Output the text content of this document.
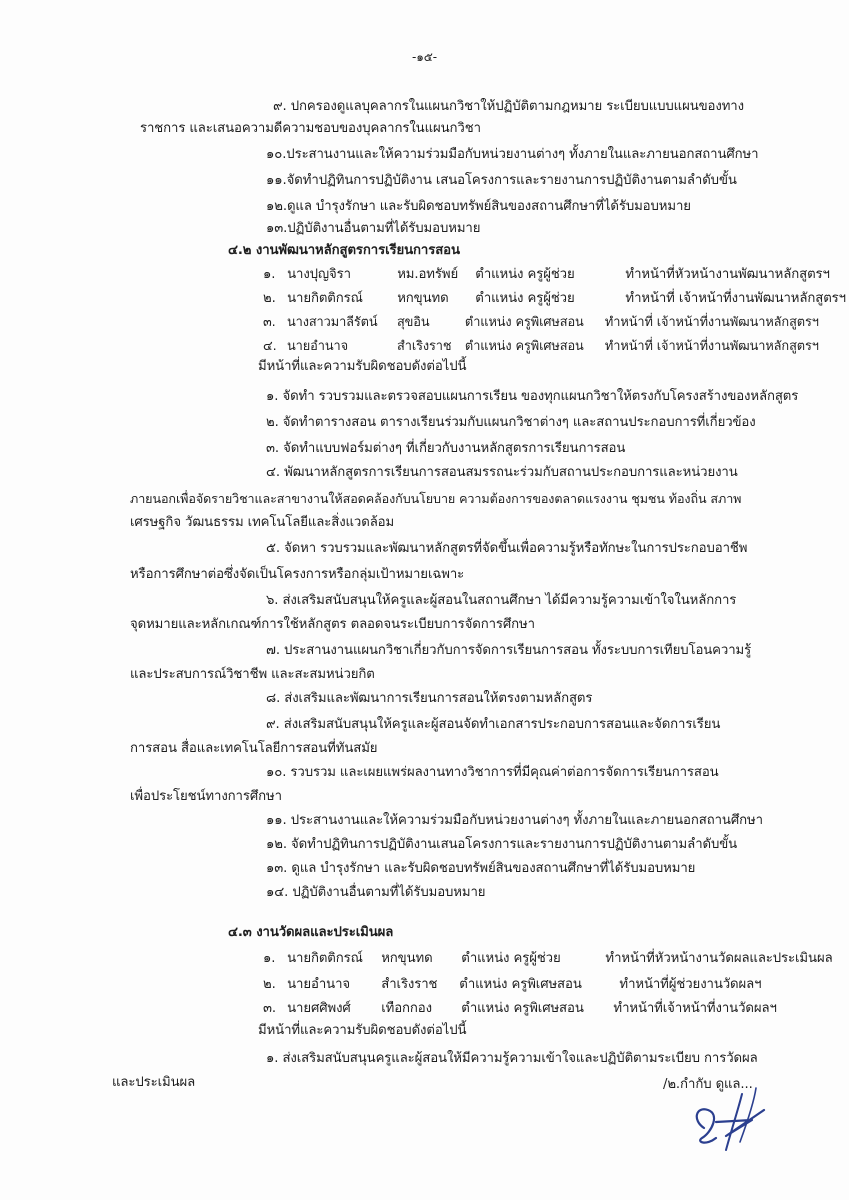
-๑๕-
๙. ปกครองดูแลบุคลากรในแผนกวิชาให้ปฏิบัติตามกฎหมาย ระเบียบแบบแผนของทาง
ราชการ และเสนอความดีความชอบของบุคลากรในแผนกวิชา
๑๐.ประสานงานและให้ความร่วมมือกับหน่วยงานต่างๆ ทั้งภายในและภายนอกสถานศึกษา
๑๑.จัดทำปฏิทินการปฏิบัติงาน เสนอโครงการและรายงานการปฏิบัติงานตามลำดับขั้น
๑๒.ดูแล บำรุงรักษา และรับผิดชอบทรัพย์สินของสถานศึกษาที่ได้รับมอบหมาย
๑๓.ปฏิบัติงานอื่นตามที่ได้รับมอบหมาย
๔.๒ งานพัฒนาหลักสูตรการเรียนการสอน
๑. นางปุญจิรา	หม.อทรัพย์ ตำแหน่ง ครูผู้ช่วย	ทำหน้าที่หัวหน้างานพัฒนาหลักสูตรฯ
๒. นายกิตติกรณ์	หกขุนทด ตำแหน่ง ครูผู้ช่วย	ทำหน้าที่ เจ้าหน้าที่งานพัฒนาหลักสูตรฯ
๓. นางสาวมาลีรัตน์ สุขอิน	ตำแหน่ง ครูพิเศษสอน ทำหน้าที่ เจ้าหน้าที่งานพัฒนาหลักสูตรฯ
๔. นายอำนาจ	สำเริงราช ตำแหน่ง ครูพิเศษสอน ทำหน้าที่ เจ้าหน้าที่งานพัฒนาหลักสูตรฯ
มีหน้าที่และความรับผิดชอบดังต่อไปนี้
๑. จัดทำ รวบรวมและตรวจสอบแผนการเรียน ของทุกแผนกวิชาให้ตรงกับโครงสร้างของหลักสูตร
๒. จัดทำตารางสอน ตารางเรียนร่วมกับแผนกวิชาต่างๆ และสถานประกอบการที่เกี่ยวข้อง
๓. จัดทำแบบฟอร์มต่างๆ ที่เกี่ยวกับงานหลักสูตรการเรียนการสอน
๔. พัฒนาหลักสูตรการเรียนการสอนสมรรถนะร่วมกับสถานประกอบการและหน่วยงาน
ภายนอกเพื่อจัดรายวิชาและสาขางานให้สอดคล้องกับนโยบาย ความต้องการของตลาดแรงงาน ชุมชน ท้องถิ่น สภาพ
เศรษฐกิจ วัฒนธรรม เทคโนโลยีและสิ่งแวดล้อม
๕. จัดหา รวบรวมและพัฒนาหลักสูตรที่จัดขึ้นเพื่อความรู้หรือทักษะในการประกอบอาชีพ
หรือการศึกษาต่อซึ่งจัดเป็นโครงการหรือกลุ่มเป้าหมายเฉพาะ
๖. ส่งเสริมสนับสนุนให้ครูและผู้สอนในสถานศึกษา ได้มีความรู้ความเข้าใจในหลักการ
จุดหมายและหลักเกณฑ์การใช้หลักสูตร ตลอดจนระเบียบการจัดการศึกษา
๗. ประสานงานแผนกวิชาเกี่ยวกับการจัดการเรียนการสอน ทั้งระบบการเทียบโอนความรู้
และประสบการณ์วิชาชีพ และสะสมหน่วยกิต
๘. ส่งเสริมและพัฒนาการเรียนการสอนให้ตรงตามหลักสูตร
๙. ส่งเสริมสนับสนุนให้ครูและผู้สอนจัดทำเอกสารประกอบการสอนและจัดการเรียน
การสอน สื่อและเทคโนโลยีการสอนที่ทันสมัย
๑๐. รวบรวม และเผยแพร่ผลงานทางวิชาการที่มีคุณค่าต่อการจัดการเรียนการสอน
เพื่อประโยชน์ทางการศึกษา
๑๑. ประสานงานและให้ความร่วมมือกับหน่วยงานต่างๆ ทั้งภายในและภายนอกสถานศึกษา
๑๒. จัดทำปฏิทินการปฏิบัติงานเสนอโครงการและรายงานการปฏิบัติงานตามลำดับขั้น
๑๓. ดูแล บำรุงรักษา และรับผิดชอบทรัพย์สินของสถานศึกษาที่ได้รับมอบหมาย
๑๔. ปฏิบัติงานอื่นตามที่ได้รับมอบหมาย
๔.๓ งานวัดผลและประเมินผล
๑. นายกิตติกรณ์ หกขุนทด ตำแหน่ง ครูผู้ช่วย	ทำหน้าที่หัวหน้างานวัดผลและประเมินผล
๒. นายอำนาจ สำเริงราช ตำแหน่ง ครูพิเศษสอน	ทำหน้าที่ผู้ช่วยงานวัดผลฯ
๓. นายศศิพงศ์ เทือกกอง ตำแหน่ง ครูพิเศษสอน ทำหน้าที่เจ้าหน้าที่งานวัดผลฯ
มีหน้าที่และความรับผิดชอบดังต่อไปนี้
๑. ส่งเสริมสนับสนุนครูและผู้สอนให้มีความรู้ความเข้าใจและปฏิบัติตามระเบียบ การวัดผล
และประเมินผล	/๒.กำกับ ดูแล...
